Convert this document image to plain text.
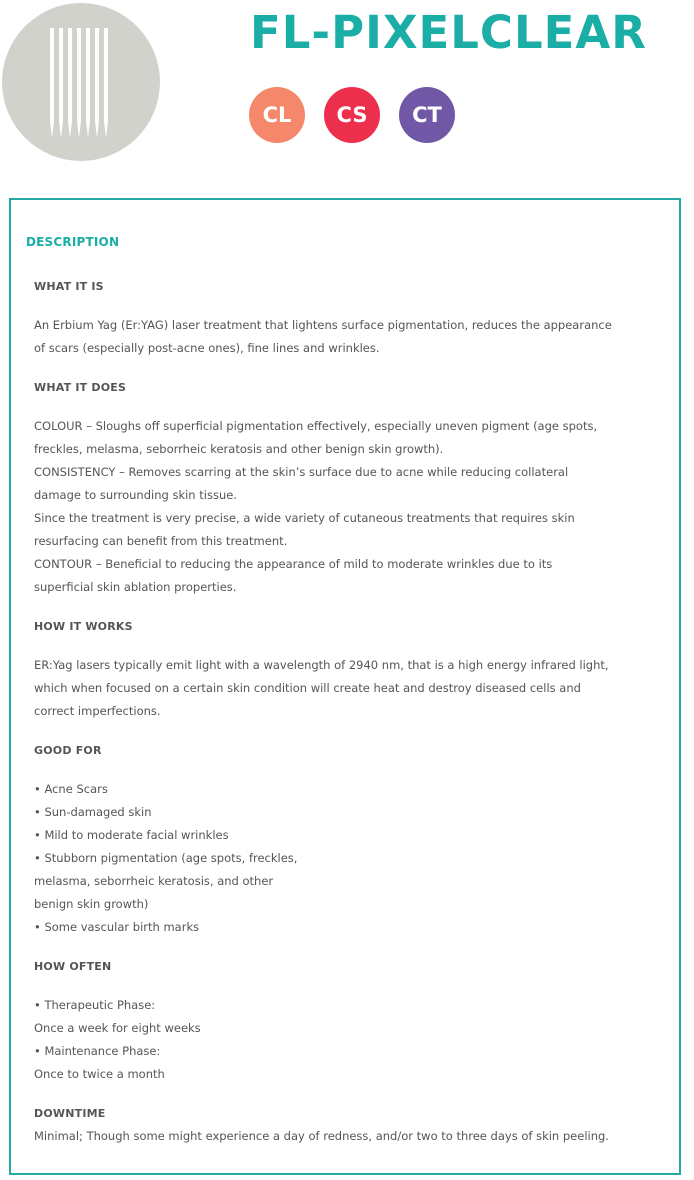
FL-PIXELCLEAR
CL	CS	CT
DESCRIPTION
WHAT IT IS

An Erbium Yag (Er:YAG) laser treatment that lightens surface pigmentation, reduces the appearance

of scars (especially post-acne ones), fine lines and wrinkles.

WHAT IT DOES

COLOUR – Sloughs off superficial pigmentation effectively, especially uneven pigment (age spots,

freckles, melasma, seborrheic keratosis and other benign skin growth).

CONSISTENCY – Removes scarring at the skin’s surface due to acne while reducing collateral

damage to surrounding skin tissue.

Since the treatment is very precise, a wide variety of cutaneous treatments that requires skin

resurfacing can benefit from this treatment.

CONTOUR – Beneficial to reducing the appearance of mild to moderate wrinkles due to its

superficial skin ablation properties.

HOW IT WORKS

ER:Yag lasers typically emit light with a wavelength of 2940 nm, that is a high energy infrared light,

which when focused on a certain skin condition will create heat and destroy diseased cells and

correct imperfections.

GOOD FOR

• Acne Scars

• Sun-damaged skin

• Mild to moderate facial wrinkles

• Stubborn pigmentation (age spots, freckles,

melasma, seborrheic keratosis, and other

benign skin growth)

• Some vascular birth marks

HOW OFTEN

• Therapeutic Phase:

Once a week for eight weeks

• Maintenance Phase:

Once to twice a month

DOWNTIME

Minimal; Though some might experience a day of redness, and/or two to three days of skin peeling.
